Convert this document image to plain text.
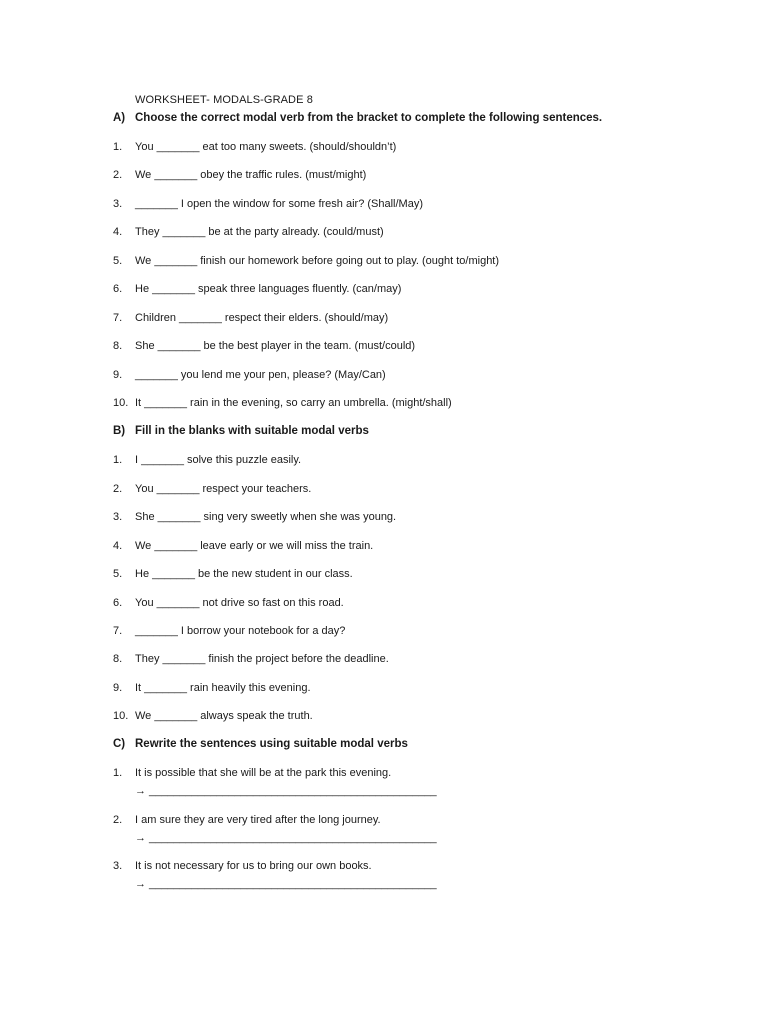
WORKSHEET- MODALS-GRADE 8
A) Choose the correct modal verb from the bracket to complete the following sentences.
1. You _______ eat too many sweets. (should/shouldn’t)
2. We _______ obey the traffic rules. (must/might)
3. _______ I open the window for some fresh air? (Shall/May)
4. They _______ be at the party already. (could/must)
5. We _______ finish our homework before going out to play. (ought to/might)
6. He _______ speak three languages fluently. (can/may)
7. Children _______ respect their elders. (should/may)
8. She _______ be the best player in the team. (must/could)
9. _______ you lend me your pen, please? (May/Can)
10. It _______ rain in the evening, so carry an umbrella. (might/shall)
B) Fill in the blanks with suitable modal verbs
1. I _______ solve this puzzle easily.
2. You _______ respect your teachers.
3. She _______ sing very sweetly when she was young.
4. We _______ leave early or we will miss the train.
5. He _______ be the new student in our class.
6. You _______ not drive so fast on this road.
7. _______ I borrow your notebook for a day?
8. They _______ finish the project before the deadline.
9. It _______ rain heavily this evening.
10. We _______ always speak the truth.
C) Rewrite the sentences using suitable modal verbs
1. It is possible that she will be at the park this evening.
→ _______________________________________________
2. I am sure they are very tired after the long journey.
→ _______________________________________________
3. It is not necessary for us to bring our own books.
→ _______________________________________________
